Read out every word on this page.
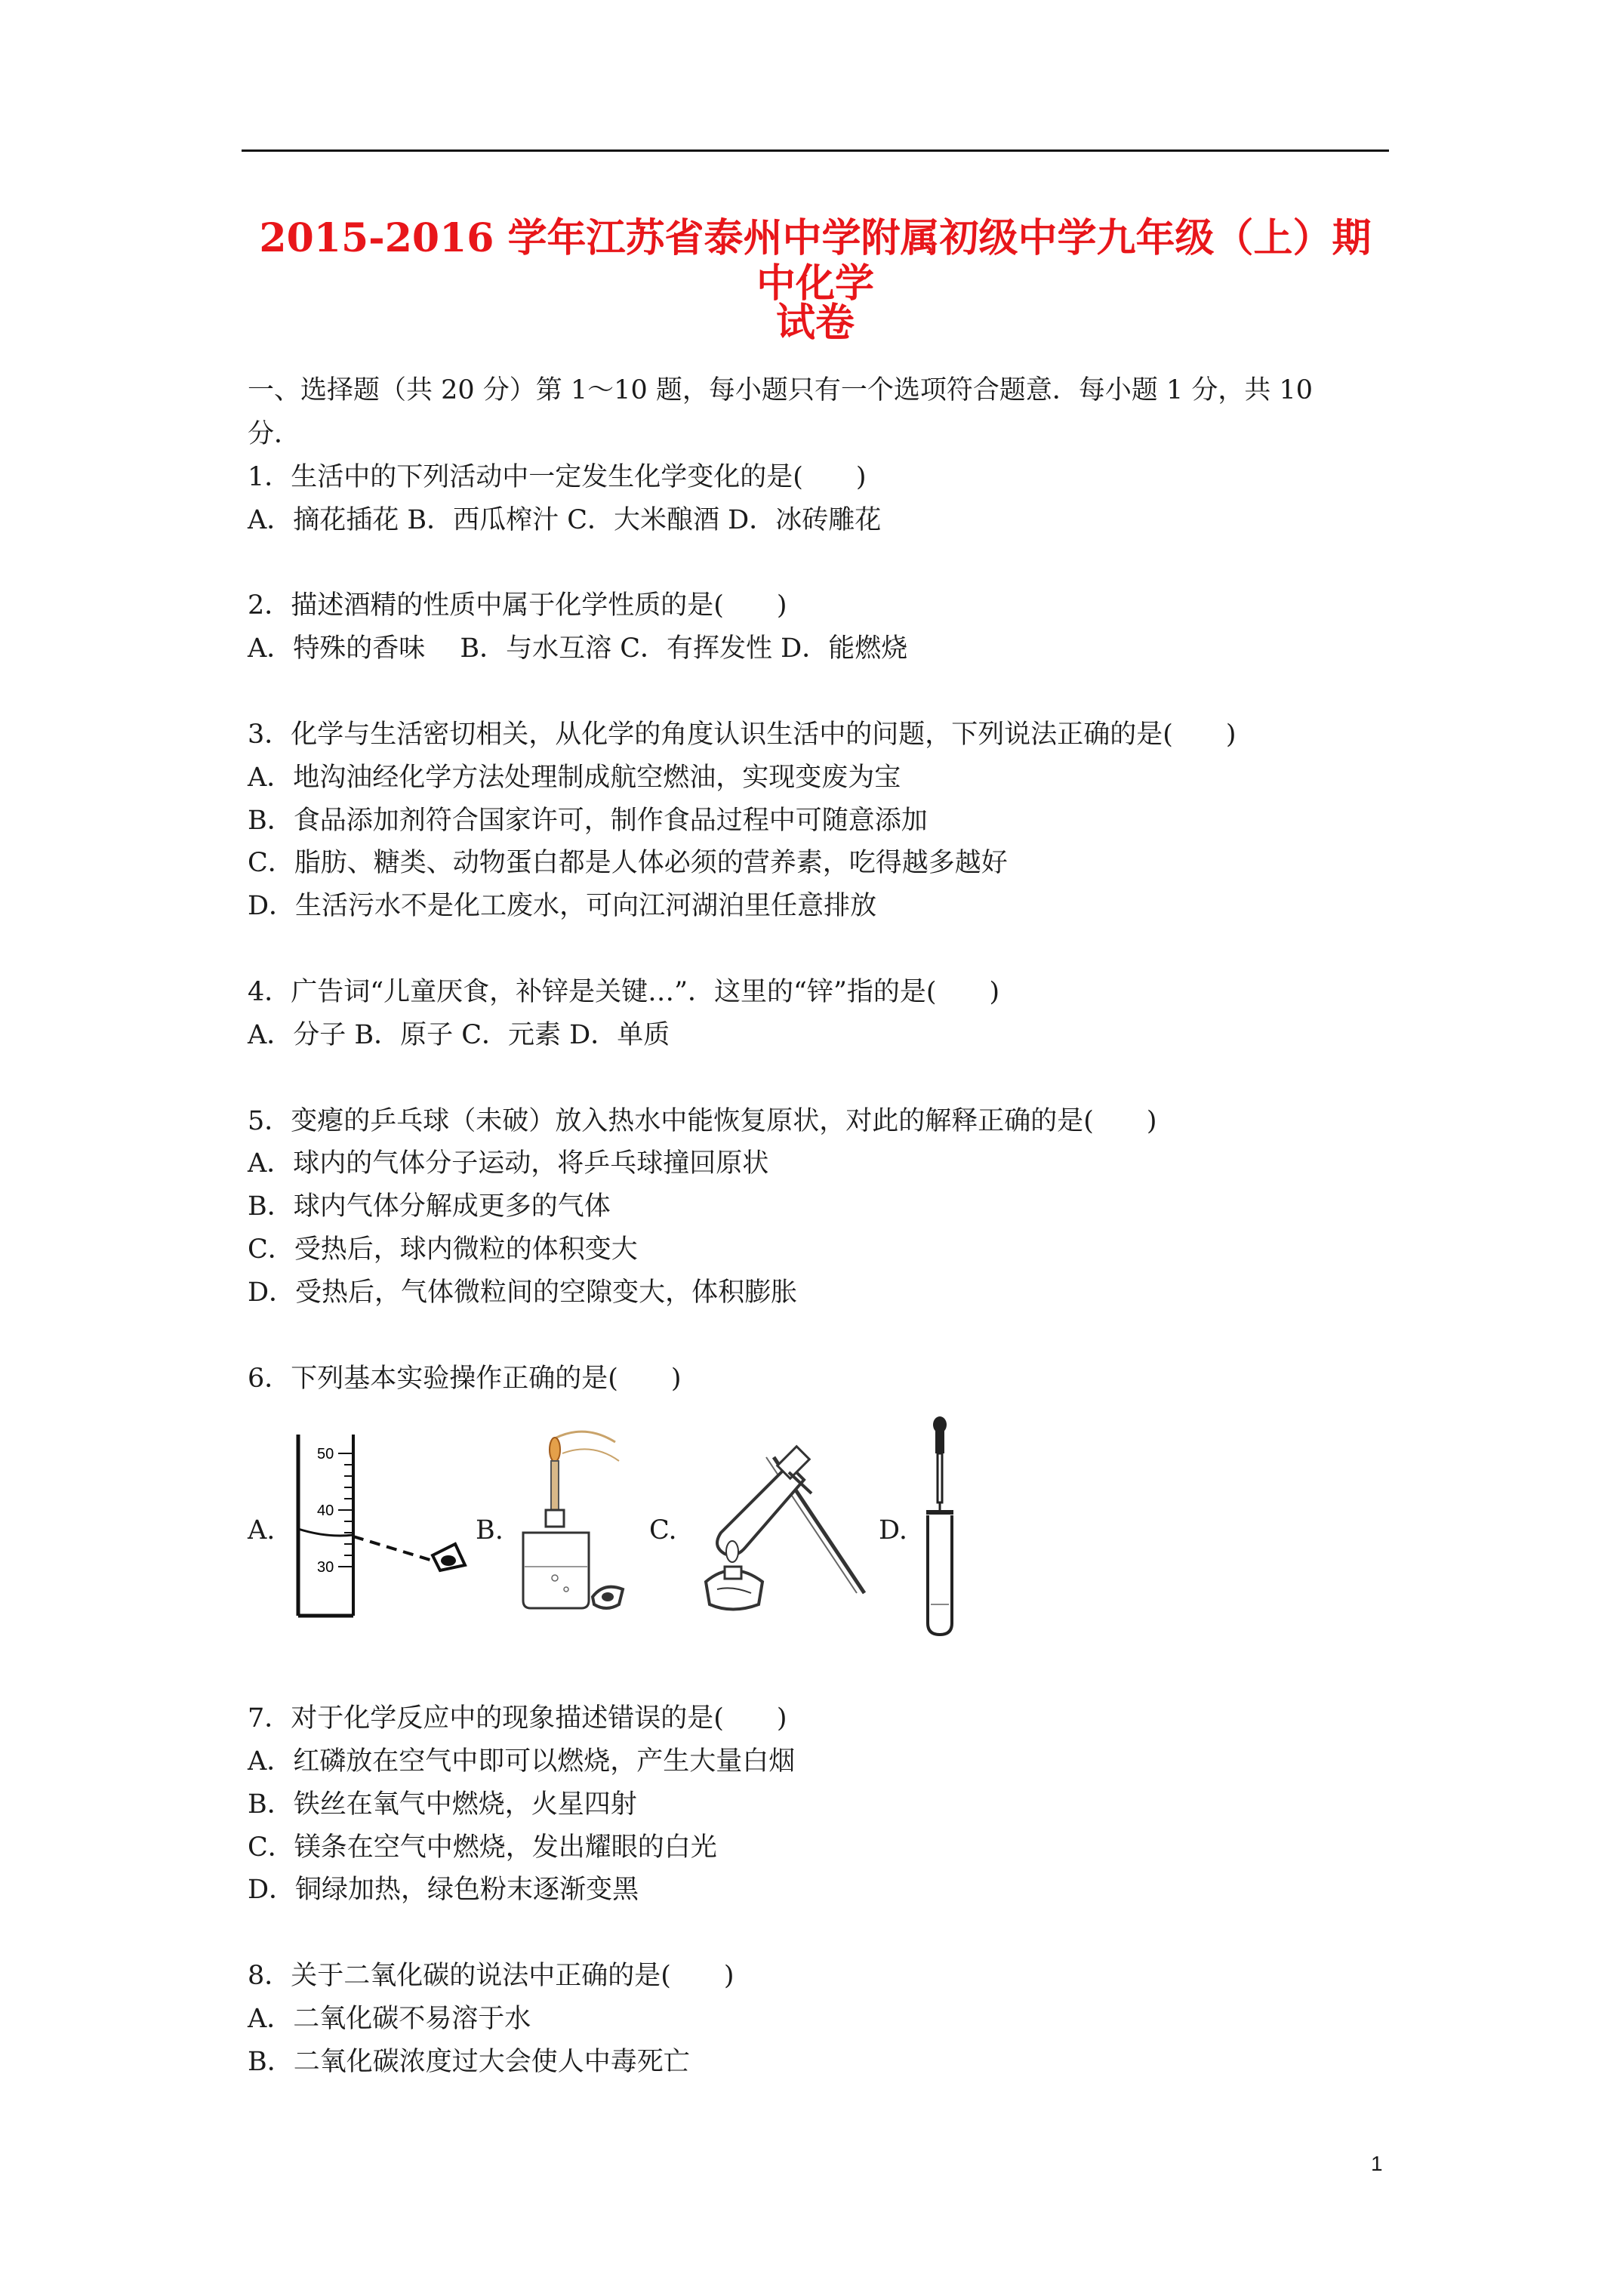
2015-2016 学年江苏省泰州中学附属初级中学九年级（上）期中化学
试卷
一、选择题（共 20 分）第 1～10 题，每小题只有一个选项符合题意．每小题 1 分，共 10
分．
1．生活中的下列活动中一定发生化学变化的是(　　)
A．摘花插花 B．西瓜榨汁 C．大米酿酒 D．冰砖雕花
2．描述酒精的性质中属于化学性质的是(　　)
A．特殊的香味　 B．与水互溶 C．有挥发性 D．能燃烧
3．化学与生活密切相关，从化学的角度认识生活中的问题，下列说法正确的是(　　)
A．地沟油经化学方法处理制成航空燃油，实现变废为宝
B．食品添加剂符合国家许可，制作食品过程中可随意添加
C．脂肪、糖类、动物蛋白都是人体必须的营养素，吃得越多越好
D．生活污水不是化工废水，可向江河湖泊里任意排放
4．广告词“儿童厌食，补锌是关键…”．这里的“锌”指的是(　　)
A．分子 B．原子 C．元素 D．单质
5．变瘪的乒乓球（未破）放入热水中能恢复原状，对此的解释正确的是(　　)
A．球内的气体分子运动，将乒乓球撞回原状
B．球内气体分解成更多的气体
C．受热后，球内微粒的体积变大
D．受热后，气体微粒间的空隙变大，体积膨胀
6．下列基本实验操作正确的是(　　)
A.
50
40
30
B.	C.	D.
7．对于化学反应中的现象描述错误的是(　　)
A．红磷放在空气中即可以燃烧，产生大量白烟
B．铁丝在氧气中燃烧，火星四射
C．镁条在空气中燃烧，发出耀眼的白光
D．铜绿加热，绿色粉末逐渐变黑
8．关于二氧化碳的说法中正确的是(　　)
A．二氧化碳不易溶于水
B．二氧化碳浓度过大会使人中毒死亡
1
